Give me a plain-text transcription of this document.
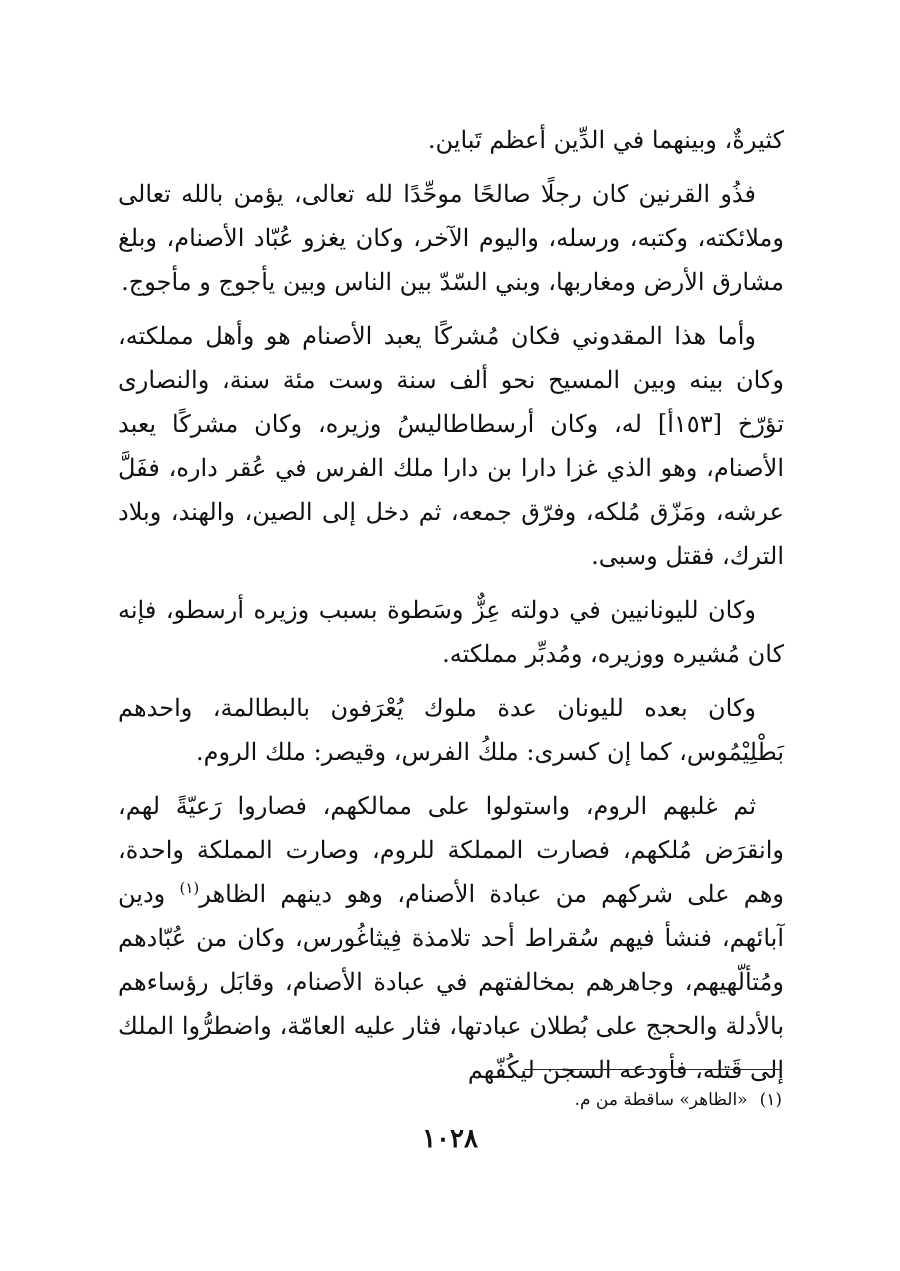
كثيرةٌ، وبينهما في الدِّين أعظم تَباين.

فذُو القرنين كان رجلًا صالحًا موحِّدًا لله تعالى، يؤمن بالله تعالى وملائكته، وكتبه، ورسله، واليوم الآخر، وكان يغزو عُبّاد الأصنام، وبلغ مشارق الأرض ومغاربها، وبني السّدّ بين الناس وبين يأجوج و مأجوج.

وأما هذا المقدوني فكان مُشركًا يعبد الأصنام هو وأهل مملكته، وكان بينه وبين المسيح نحو ألف سنة وست مئة سنة، والنصارى تؤرّخ [١٥٣أ] له، وكان أرسطاطاليسُ وزيره، وكان مشركًا يعبد الأصنام، وهو الذي غزا دارا بن دارا ملك الفرس في عُقر داره، ففَلَّ عرشه، ومَزّق مُلكه، وفرّق جمعه، ثم دخل إلى الصين، والهند، وبلاد الترك، فقتل وسبى.

وكان لليونانيين في دولته عِزٌّ وسَطوة بسبب وزيره أرسطو، فإنه كان مُشيره ووزيره، ومُدبِّر مملكته.

وكان بعده لليونان عدة ملوك يُعْرَفون بالبطالمة، واحدهم بَطْلِيْمُوس، كما إن كسرى: ملكُ الفرس، وقيصر: ملك الروم.

ثم غلبهم الروم، واستولوا على ممالكهم، فصاروا رَعيّةً لهم، وانقرَض مُلكهم، فصارت المملكة للروم، وصارت المملكة واحدة، وهم على شركهم من عبادة الأصنام، وهو دينهم الظاهر$^{(١)}$ ودين آبائهم، فنشأ فيهم سُقراط أحد تلامذة فِيثاغُورس، وكان من عُبّادهم ومُتألّهيهم، وجاهرهم بمخالفتهم في عبادة الأصنام، وقابَل رؤساءهم بالأدلة والحجج على بُطلان عبادتها، فثار عليه العامّة، واضطرُّوا الملك إلى قَتله، فأودعه السجن ليكُفّهم

(١)«الظاهر» ساقطة من م.
١٠٢٨
